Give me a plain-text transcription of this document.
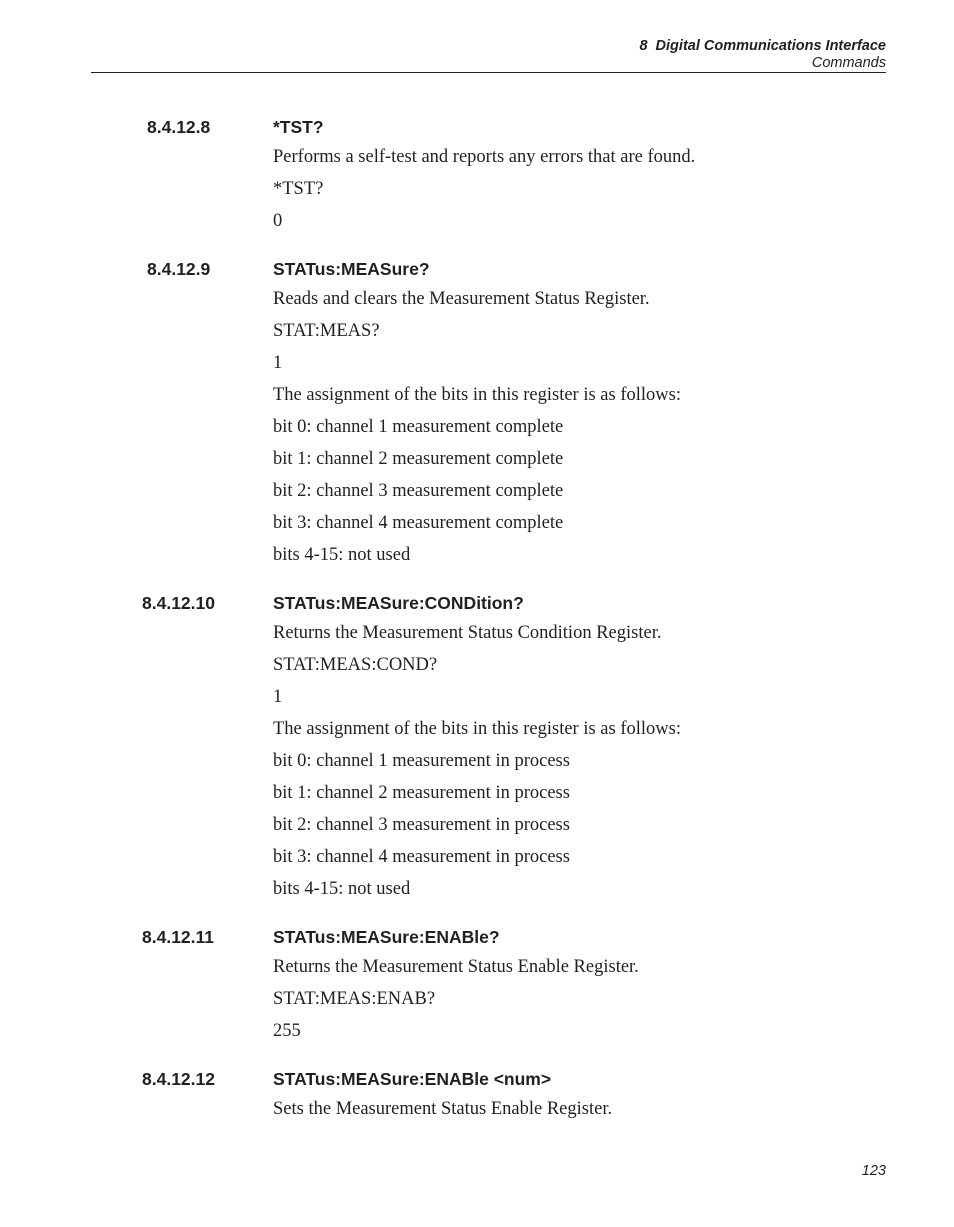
8  Digital Communications Interface
Commands
8.4.12.8	*TST?

Performs a self-test and reports any errors that are found.

*TST?

0

8.4.12.9	STATus:MEASure?

Reads and clears the Measurement Status Register.

STAT:MEAS?

1

The assignment of the bits in this register is as follows:

bit 0: channel 1 measurement complete

bit 1: channel 2 measurement complete

bit 2: channel 3 measurement complete

bit 3: channel 4 measurement complete

bits 4-15: not used

8.4.12.10	STATus:MEASure:CONDition?

Returns the Measurement Status Condition Register.

STAT:MEAS:COND?

1

The assignment of the bits in this register is as follows:

bit 0: channel 1 measurement in process

bit 1: channel 2 measurement in process

bit 2: channel 3 measurement in process

bit 3: channel 4 measurement in process

bits 4-15: not used

8.4.12.11	STATus:MEASure:ENABle?

Returns the Measurement Status Enable Register.

STAT:MEAS:ENAB?

255

8.4.12.12	STATus:MEASure:ENABle <num>

Sets the Measurement Status Enable Register.

123
